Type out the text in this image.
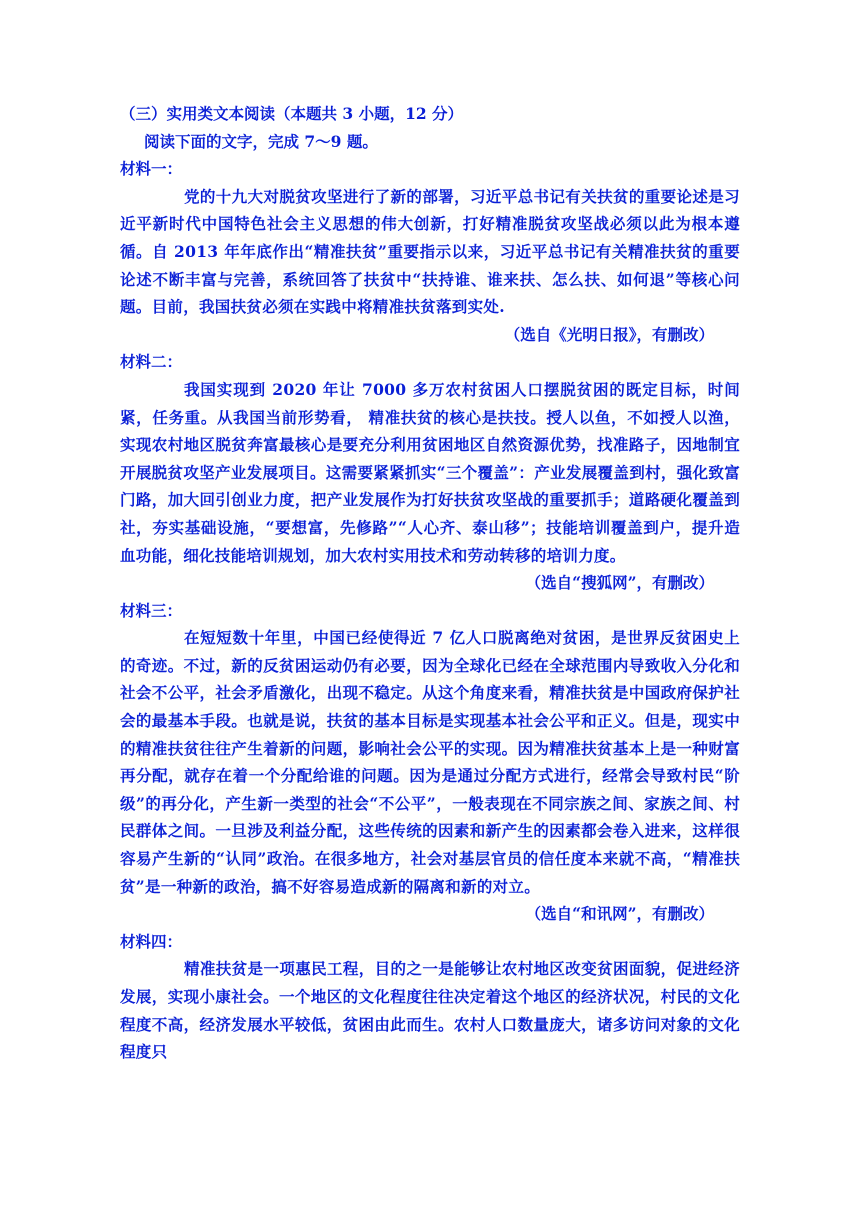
（三）实用类文本阅读（本题共 3 小题，12 分）
阅读下面的文字，完成 7～9 题。
材料一：
党的十九大对脱贫攻坚进行了新的部署，习近平总书记有关扶贫的重要论述是习近平新时代中国特色社会主义思想的伟大创新，打好精准脱贫攻坚战必须以此为根本遵循。自 2013 年年底作出“精准扶贫”重要指示以来，习近平总书记有关精准扶贫的重要论述不断丰富与完善，系统回答了扶贫中“扶持谁、谁来扶、怎么扶、如何退”等核心问题。目前，我国扶贫必须在实践中将精准扶贫落到实处.
（选自《光明日报》，有删改）
材料二：
我国实现到 2020 年让 7000 多万农村贫困人口摆脱贫困的既定目标，时间紧，任务重。从我国当前形势看， 精准扶贫的核心是扶技。授人以鱼，不如授人以渔，实现农村地区脱贫奔富最核心是要充分利用贫困地区自然资源优势，找准路子，因地制宜开展脱贫攻坚产业发展项目。这需要紧紧抓实“三个覆盖”：产业发展覆盖到村，强化致富门路，加大回引创业力度，把产业发展作为打好扶贫攻坚战的重要抓手；道路硬化覆盖到社，夯实基础设施，“要想富，先修路”“人心齐、泰山移”；技能培训覆盖到户，提升造血功能，细化技能培训规划，加大农村实用技术和劳动转移的培训力度。
（选自“搜狐网”，有删改）
材料三：
在短短数十年里，中国已经使得近 7 亿人口脱离绝对贫困，是世界反贫困史上的奇迹。不过，新的反贫困运动仍有必要，因为全球化已经在全球范围内导致收入分化和社会不公平，社会矛盾激化，出现不稳定。从这个角度来看，精准扶贫是中国政府保护社会的最基本手段。也就是说，扶贫的基本目标是实现基本社会公平和正义。但是，现实中的精准扶贫往往产生着新的问题，影响社会公平的实现。因为精准扶贫基本上是一种财富再分配，就存在着一个分配给谁的问题。因为是通过分配方式进行，经常会导致村民“阶级”的再分化，产生新一类型的社会“不公平”，一般表现在不同宗族之间、家族之间、村民群体之间。一旦涉及利益分配，这些传统的因素和新产生的因素都会卷入进来，这样很容易产生新的“认同”政治。在很多地方，社会对基层官员的信任度本来就不高，“精准扶贫”是一种新的政治，搞不好容易造成新的隔离和新的对立。
（选自“和讯网”，有删改）
材料四：
精准扶贫是一项惠民工程，目的之一是能够让农村地区改变贫困面貌，促进经济发展，实现小康社会。一个地区的文化程度往往决定着这个地区的经济状况，村民的文化程度不高，经济发展水平较低，贫困由此而生。农村人口数量庞大，诸多访问对象的文化程度只
